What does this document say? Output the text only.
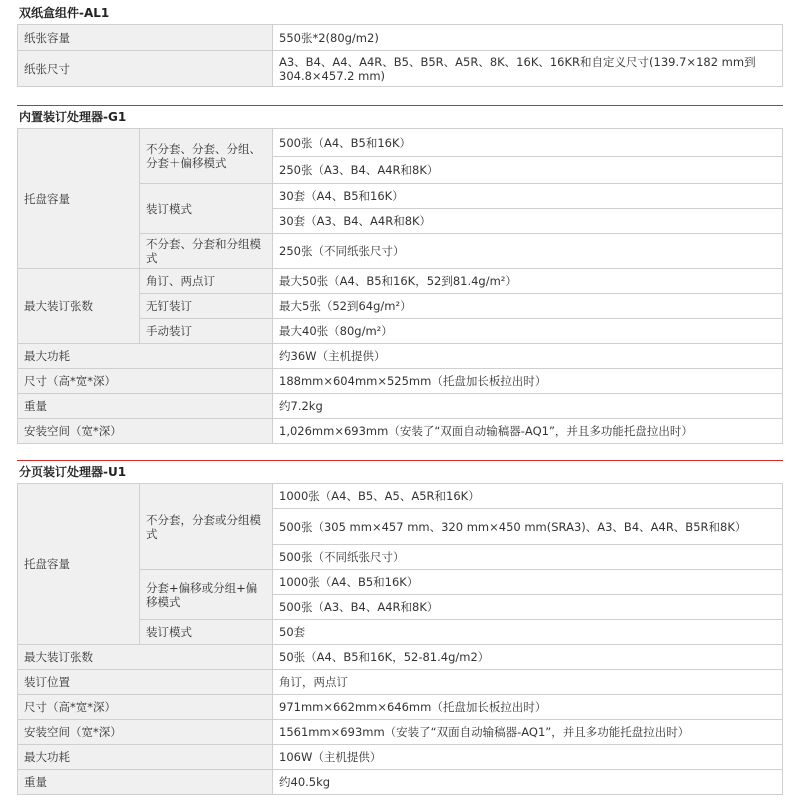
双纸盒组件-AL1
纸张容量	550张*2(80g/m2)
纸张尺寸	A3、B4、A4、A4R、B5、B5R、A5R、8K、16K、16KR和自定义尺寸(139.7×182 mm到304.8×457.2 mm)
内置装订处理器-G1
托盘容量	不分套、分套、分组、分套＋偏移模式	500张（A4、B5和16K）
		250张（A3、B4、A4R和8K）
	装订模式	30套（A4、B5和16K）
		30套（A3、B4、A4R和8K）
	不分套、分套和分组模式	250张（不同纸张尺寸）
最大装订张数	角订、两点订	最大50张（A4、B5和16K，52到81.4g/m²）
	无钉装订	最大5张（52到64g/m²）
	手动装订	最大40张（80g/m²）
最大功耗		约36W（主机提供）
尺寸（高*宽*深）		188mm×604mm×525mm（托盘加长板拉出时）
重量		约7.2kg
安装空间（宽*深）		1,026mm×693mm（安装了“双面自动输稿器-AQ1”，并且多功能托盘拉出时）
分页装订处理器-U1
托盘容量	不分套，分套或分组模式	1000张（A4、B5、A5、A5R和16K）
		500张（305 mm×457 mm、320 mm×450 mm(SRA3)、A3、B4、A4R、B5R和8K）
		500张（不同纸张尺寸）
	分套+偏移或分组+偏移模式	1000张（A4、B5和16K）
		500张（A3、B4、A4R和8K）
	装订模式	50套
最大装订张数		50张（A4、B5和16K，52-81.4g/m2）
装订位置		角订，两点订
尺寸（高*宽*深）		971mm×662mm×646mm（托盘加长板拉出时）
安装空间（宽*深）		1561mm×693mm（安装了“双面自动输稿器-AQ1”，并且多功能托盘拉出时）
最大功耗		106W（主机提供）
重量		约40.5kg
